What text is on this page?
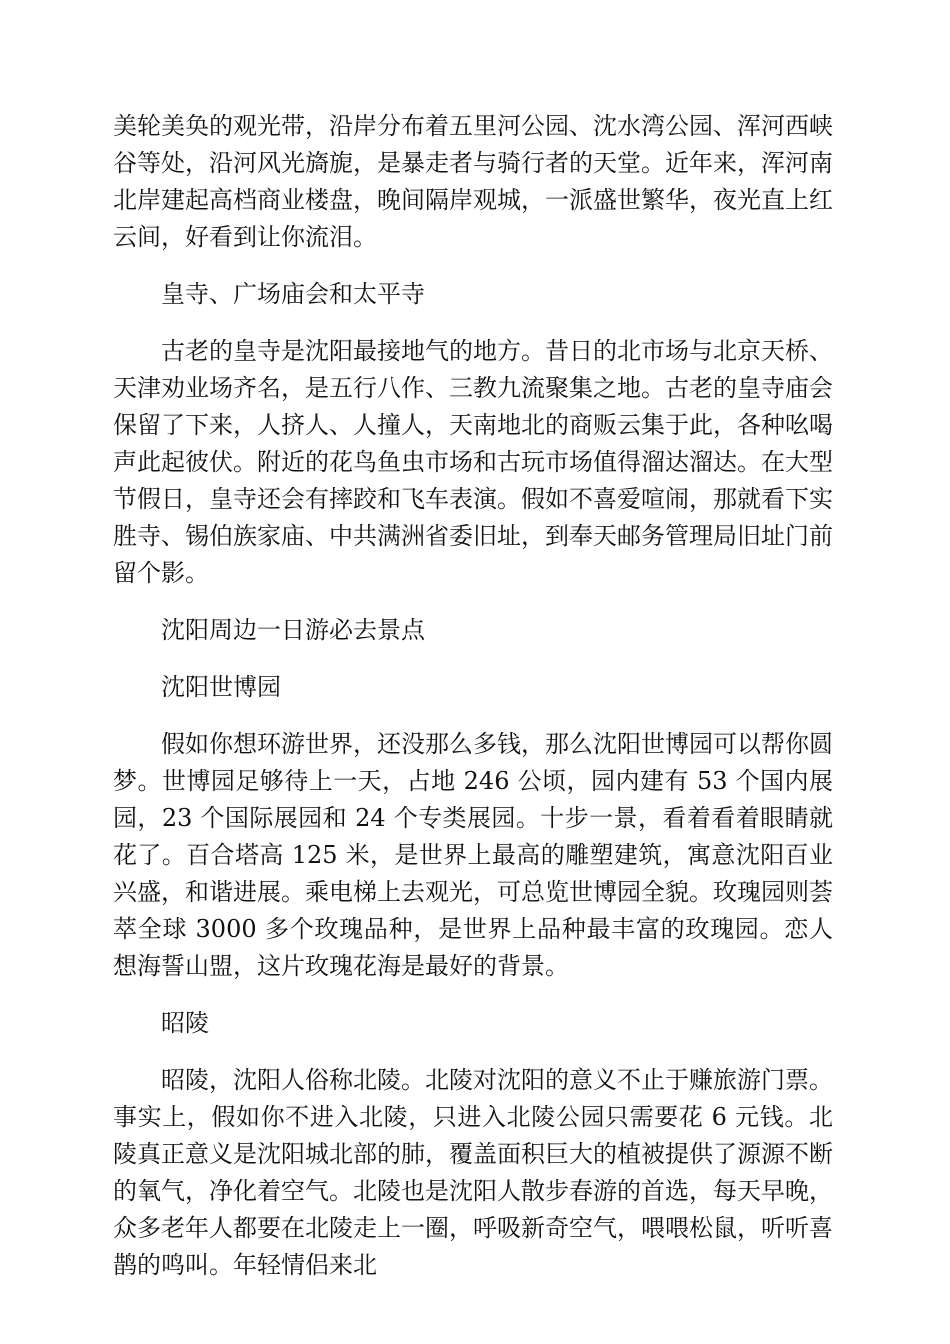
美轮美奂的观光带，沿岸分布着五里河公园、沈水湾公园、浑河西峡谷等处，沿河风光旖旎，是暴走者与骑行者的天堂。近年来，浑河南北岸建起高档商业楼盘，晚间隔岸观城，一派盛世繁华，夜光直上红云间，好看到让你流泪。

皇寺、广场庙会和太平寺

古老的皇寺是沈阳最接地气的地方。昔日的北市场与北京天桥、天津劝业场齐名，是五行八作、三教九流聚集之地。古老的皇寺庙会保留了下来，人挤人、人撞人，天南地北的商贩云集于此，各种吆喝声此起彼伏。附近的花鸟鱼虫市场和古玩市场值得溜达溜达。在大型节假日，皇寺还会有摔跤和飞车表演。假如不喜爱喧闹，那就看下实胜寺、锡伯族家庙、中共满洲省委旧址，到奉天邮务管理局旧址门前留个影。

沈阳周边一日游必去景点

沈阳世博园

假如你想环游世界，还没那么多钱，那么沈阳世博园可以帮你圆梦。世博园足够待上一天，占地 246 公顷，园内建有 53 个国内展园，23 个国际展园和 24 个专类展园。十步一景，看着看着眼睛就花了。百合塔高 125 米，是世界上最高的雕塑建筑，寓意沈阳百业兴盛，和谐进展。乘电梯上去观光，可总览世博园全貌。玫瑰园则荟萃全球 3000 多个玫瑰品种，是世界上品种最丰富的玫瑰园。恋人想海誓山盟，这片玫瑰花海是最好的背景。

昭陵

昭陵，沈阳人俗称北陵。北陵对沈阳的意义不止于赚旅游门票。事实上，假如你不进入北陵，只进入北陵公园只需要花 6 元钱。北陵真正意义是沈阳城北部的肺，覆盖面积巨大的植被提供了源源不断的氧气，净化着空气。北陵也是沈阳人散步春游的首选，每天早晚，众多老年人都要在北陵走上一圈，呼吸新奇空气，喂喂松鼠，听听喜鹊的鸣叫。年轻情侣来北
